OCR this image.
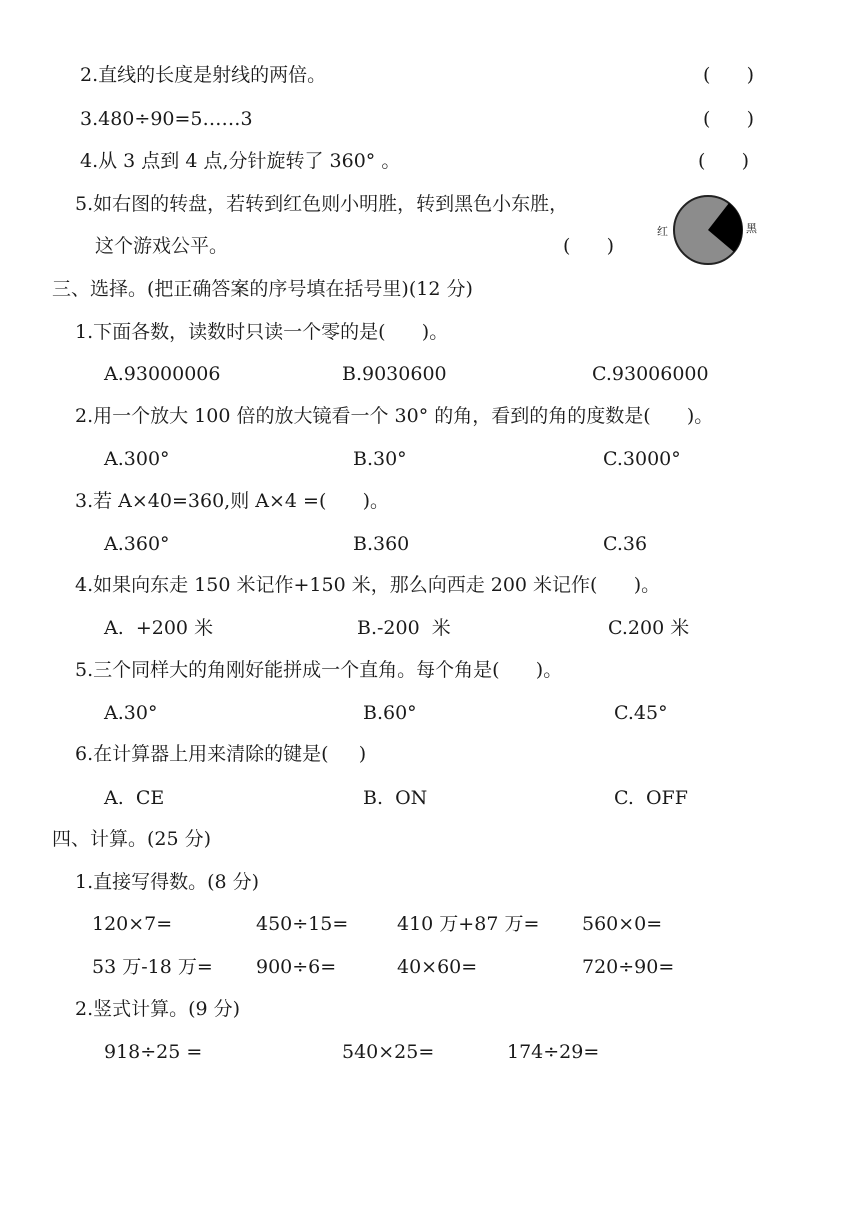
2.直线的长度是射线的两倍。	(      )
3.480÷90=5……3	(      )
4.从 3 点到 4 点,分针旋转了 360° 。	(      )
5.如右图的转盘，若转到红色则小明胜，转到黑色小东胜，
这个游戏公平。	(      )
红	黑
三、选择。(把正确答案的序号填在括号里)(12 分)
1.下面各数，读数时只读一个零的是(      )。
A.93000006	B.9030600	C.93006000
2.用一个放大 100 倍的放大镜看一个 30° 的角，看到的角的度数是(      )。
A.300°	B.30°	C.3000°
3.若 A×40=360,则 A×4 =(      )。
A.360°	B.360	C.36
4.如果向东走 150 米记作+150 米，那么向西走 200 米记作(      )。
A.  +200 米	B.-200  米	C.200 米
5.三个同样大的角刚好能拼成一个直角。每个角是(      )。
A.30°	B.60°	C.45°
6.在计算器上用来清除的键是(     )
A.  CE	B.  ON	C.  OFF
四、计算。(25 分)
1.直接写得数。(8 分)
120×7=	450÷15=	410 万+87 万= 560×0=
53 万-18 万= 900÷6=	40×60=	720÷90=
2.竖式计算。(9 分)
918÷25 =	540×25=	174÷29=
